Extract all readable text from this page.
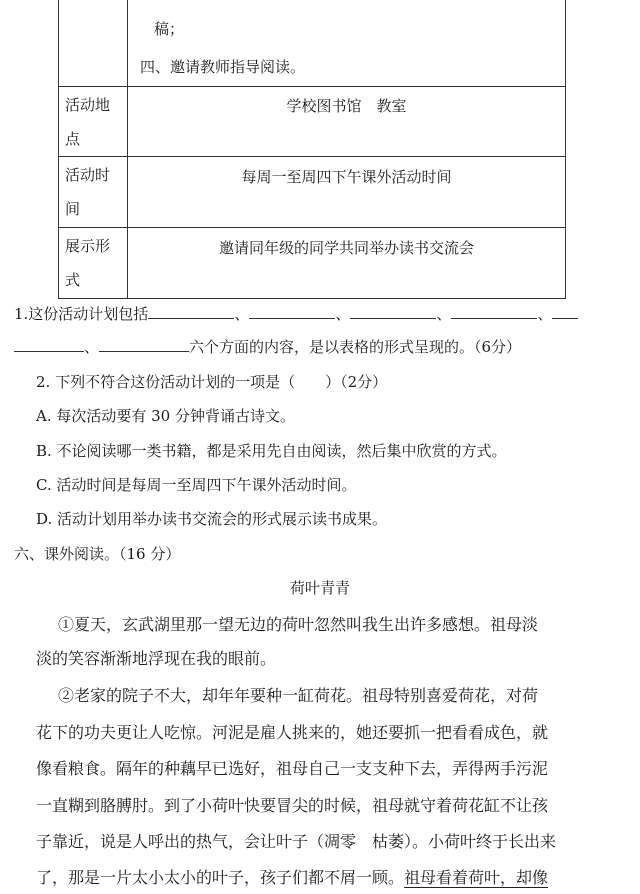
	稿；
四、邀请教师指导阅读。

活动地
点	学校图书馆　教室

活动时
间	每周一至周四下午课外活动时间

展示形
式	邀请同年级的同学共同举办读书交流会
1.这份活动计划包括	、	、	、	、
、	六个方面的内容，是以表格的形式呈现的。（6分）
2. 下列不符合这份活动计划的一项是（　　）（2分）
A. 每次活动要有 30 分钟背诵古诗文。
B. 不论阅读哪一类书籍，都是采用先自由阅读，然后集中欣赏的方式。
C. 活动时间是每周一至周四下午课外活动时间。
D. 活动计划用举办读书交流会的形式展示读书成果。
六、课外阅读。（16 分）
荷叶青青
①夏天，玄武湖里那一望无边的荷叶忽然叫我生出许多感想。祖母淡
淡的笑容渐渐地浮现在我的眼前。
②老家的院子不大，却年年要种一缸荷花。祖母特别喜爱荷花，对荷
花下的功夫更让人吃惊。河泥是雇人挑来的，她还要抓一把看看成色，就
像看粮食。隔年的种藕早已选好，祖母自己一支支种下去，弄得两手污泥
一直糊到胳膊肘。到了小荷叶快要冒尖的时候，祖母就守着荷花缸不让孩
子靠近，说是人呼出的热气，会让叶子（凋零　枯萎）。小荷叶终于长出来
了，那是一片太小太小的叶子，孩子们都不屑一顾。祖母看着荷叶，却像
